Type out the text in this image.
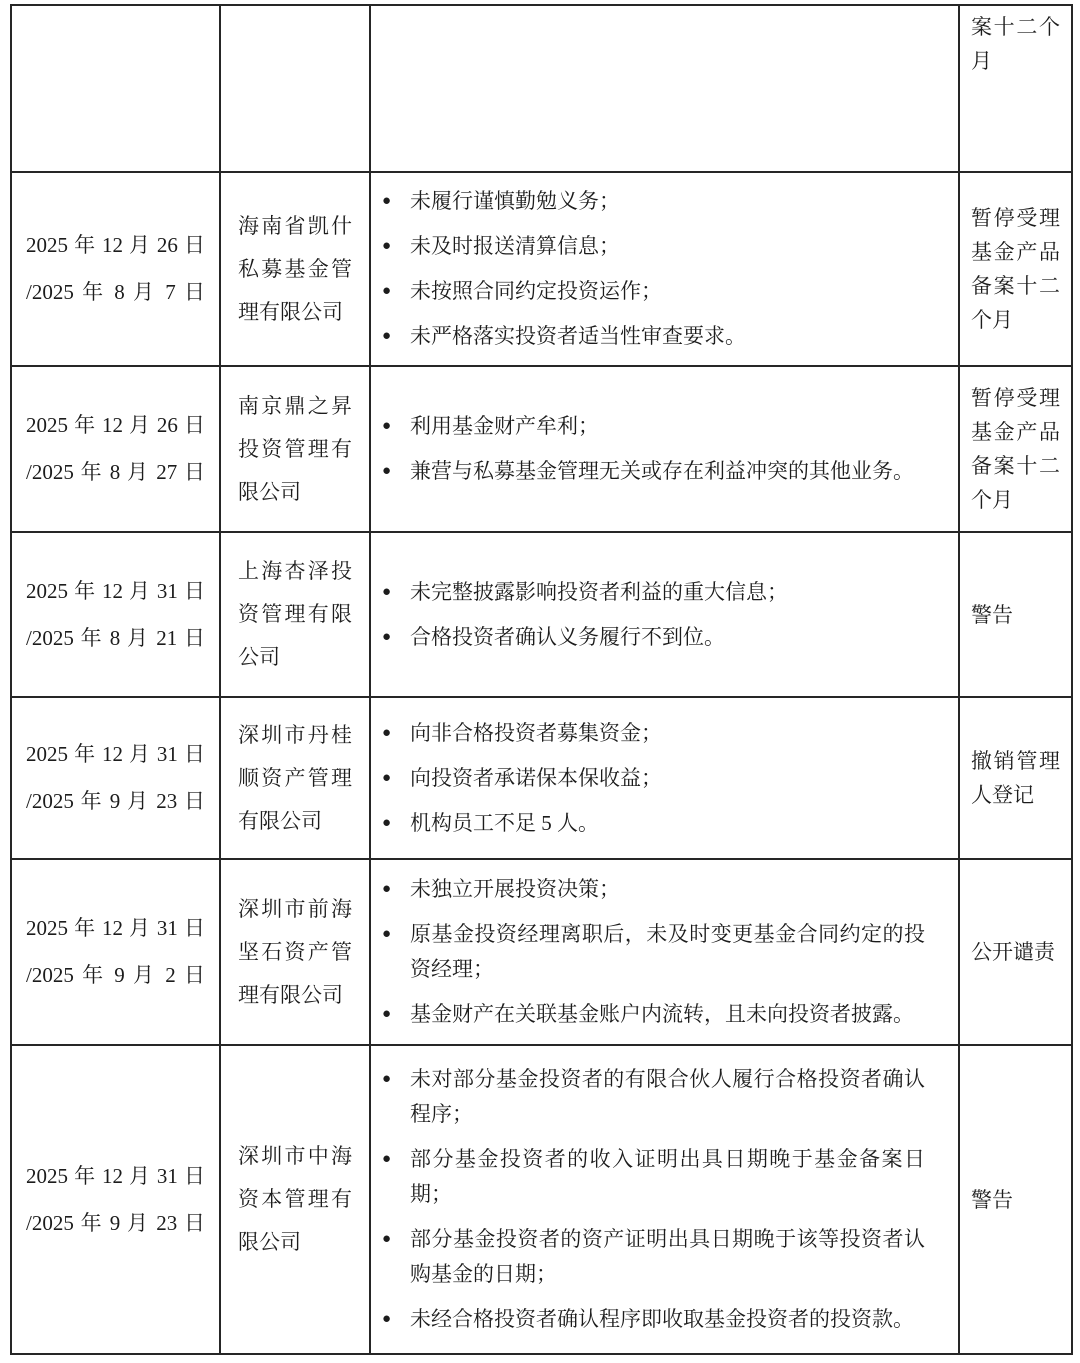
案十二个月
2025 年 12 月 26 日
/2025 年 8 月 7 日
海南省凯什私募基金管理有限公司
● 未履行谨慎勤勉义务；
● 未及时报送清算信息；
● 未按照合同约定投资运作；
● 未严格落实投资者适当性审查要求。
暂停受理基金产品备案十二个月
2025 年 12 月 26 日
/2025 年 8 月 27 日
南京鼎之昇投资管理有限公司
● 利用基金财产牟利；
● 兼营与私募基金管理无关或存在利益冲突的其他业务。
暂停受理基金产品备案十二个月
2025 年 12 月 31 日
/2025 年 8 月 21 日
上海杏泽投资管理有限公司
● 未完整披露影响投资者利益的重大信息；
● 合格投资者确认义务履行不到位。
警告
2025 年 12 月 31 日
/2025 年 9 月 23 日
深圳市丹桂顺资产管理有限公司
● 向非合格投资者募集资金；
● 向投资者承诺保本保收益；
● 机构员工不足 5 人。
撤销管理人登记
2025 年 12 月 31 日
/2025 年 9 月 2 日
深圳市前海坚石资产管理有限公司
● 未独立开展投资决策；
● 原基金投资经理离职后，未及时变更基金合同约定的投资经理；
● 基金财产在关联基金账户内流转，且未向投资者披露。
公开谴责
2025 年 12 月 31 日
/2025 年 9 月 23 日
深圳市中海资本管理有限公司
● 未对部分基金投资者的有限合伙人履行合格投资者确认程序；
● 部分基金投资者的收入证明出具日期晚于基金备案日期；
● 部分基金投资者的资产证明出具日期晚于该等投资者认购基金的日期；
● 未经合格投资者确认程序即收取基金投资者的投资款。
警告
